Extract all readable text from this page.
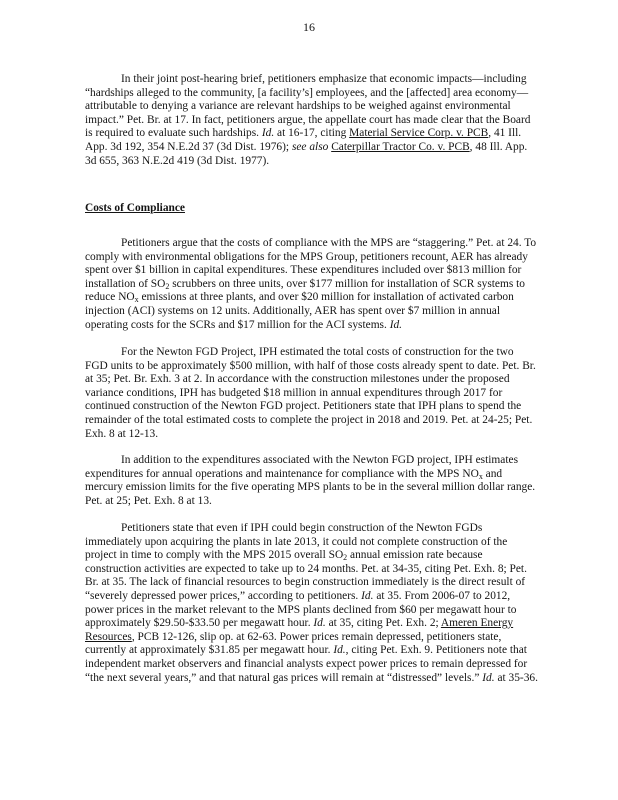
16
In their joint post-hearing brief, petitioners emphasize that economic impacts—including “hardships alleged to the community, [a facility’s] employees, and the [affected] area economy—attributable to denying a variance are relevant hardships to be weighed against environmental impact.” Pet. Br. at 17. In fact, petitioners argue, the appellate court has made clear that the Board is required to evaluate such hardships. Id. at 16-17, citing Material Service Corp. v. PCB, 41 Ill. App. 3d 192, 354 N.E.2d 37 (3d Dist. 1976); see also Caterpillar Tractor Co. v. PCB, 48 Ill. App. 3d 655, 363 N.E.2d 419 (3d Dist. 1977).
Costs of Compliance
Petitioners argue that the costs of compliance with the MPS are “staggering.” Pet. at 24. To comply with environmental obligations for the MPS Group, petitioners recount, AER has already spent over $1 billion in capital expenditures. These expenditures included over $813 million for installation of $SO_2$ scrubbers on three units, over $177 million for installation of SCR systems to reduce $NO_x$ emissions at three plants, and over $20 million for installation of activated carbon injection (ACI) systems on 12 units. Additionally, AER has spent over $7 million in annual operating costs for the SCRs and $17 million for the ACI systems. Id.
For the Newton FGD Project, IPH estimated the total costs of construction for the two FGD units to be approximately $500 million, with half of those costs already spent to date. Pet. Br. at 35; Pet. Br. Exh. 3 at 2. In accordance with the construction milestones under the proposed variance conditions, IPH has budgeted $18 million in annual expenditures through 2017 for continued construction of the Newton FGD project. Petitioners state that IPH plans to spend the remainder of the total estimated costs to complete the project in 2018 and 2019. Pet. at 24-25; Pet. Exh. 8 at 12-13.
In addition to the expenditures associated with the Newton FGD project, IPH estimates expenditures for annual operations and maintenance for compliance with the MPS $NO_x$ and mercury emission limits for the five operating MPS plants to be in the several million dollar range. Pet. at 25; Pet. Exh. 8 at 13.
Petitioners state that even if IPH could begin construction of the Newton FGDs immediately upon acquiring the plants in late 2013, it could not complete construction of the project in time to comply with the MPS 2015 overall $SO_2$ annual emission rate because construction activities are expected to take up to 24 months. Pet. at 34-35, citing Pet. Exh. 8; Pet. Br. at 35. The lack of financial resources to begin construction immediately is the direct result of “severely depressed power prices,” according to petitioners. Id. at 35. From 2006-07 to 2012, power prices in the market relevant to the MPS plants declined from $60 per megawatt hour to approximately $29.50-$33.50 per megawatt hour. Id. at 35, citing Pet. Exh. 2; Ameren Energy Resources, PCB 12-126, slip op. at 62-63. Power prices remain depressed, petitioners state, currently at approximately $31.85 per megawatt hour. Id., citing Pet. Exh. 9. Petitioners note that independent market observers and financial analysts expect power prices to remain depressed for “the next several years,” and that natural gas prices will remain at “distressed” levels.” Id. at 35-36.
